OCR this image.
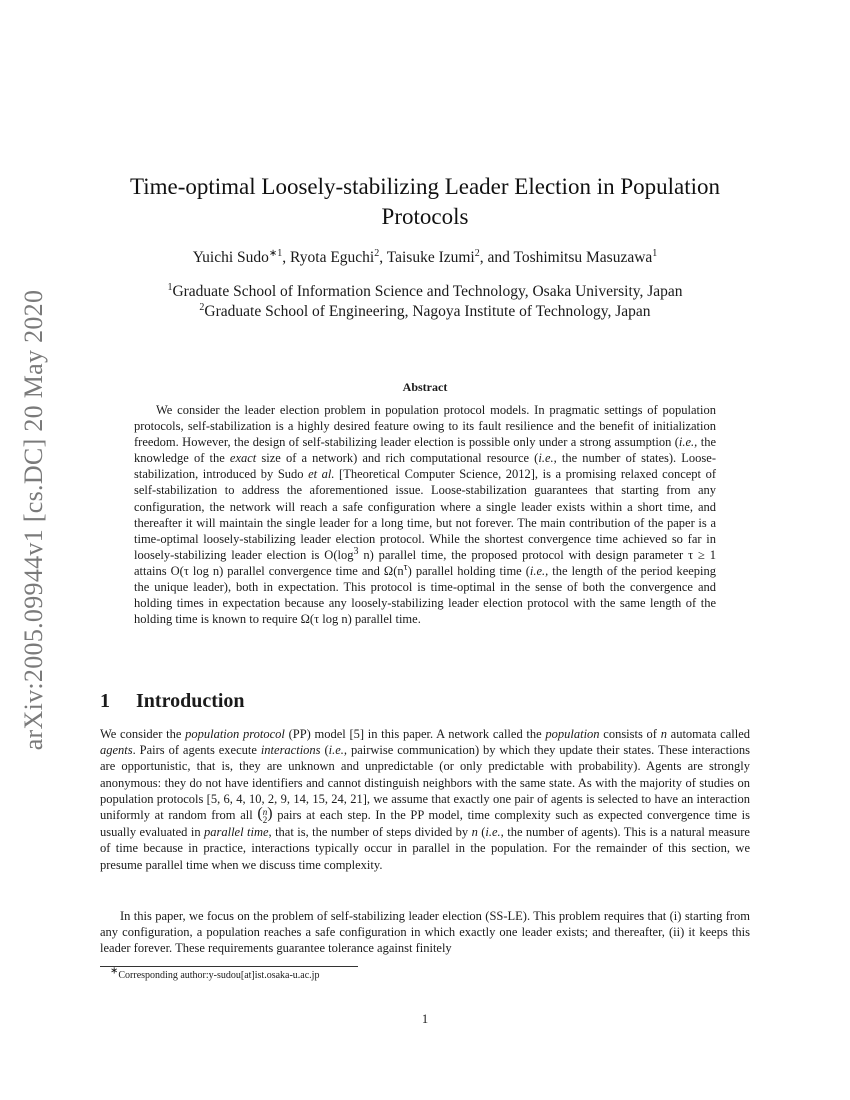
arXiv:2005.09944v1 [cs.DC] 20 May 2020
Time-optimal Loosely-stabilizing Leader Election in Population
Protocols
Yuichi Sudo$^{∗1}$, Ryota Eguchi$^2$, Taisuke Izumi$^2$, and Toshimitsu Masuzawa$^1$
$^1$Graduate School of Information Science and Technology, Osaka University, Japan
$^2$Graduate School of Engineering, Nagoya Institute of Technology, Japan
Abstract

We consider the leader election problem in population protocol models. In pragmatic settings of population protocols, self-stabilization is a highly desired feature owing to its fault resilience and the benefit of initialization freedom. However, the design of self-stabilizing leader election is possible only under a strong assumption (i.e., the knowledge of the exact size of a network) and rich computational resource (i.e., the number of states). Loose-stabilization, introduced by Sudo et al. [Theoretical Computer Science, 2012], is a promising relaxed concept of self-stabilization to address the aforementioned issue. Loose-stabilization guarantees that starting from any configuration, the network will reach a safe configuration where a single leader exists within a short time, and thereafter it will maintain the single leader for a long time, but not forever. The main contribution of the paper is a time-optimal loosely-stabilizing leader election protocol. While the shortest convergence time achieved so far in loosely-stabilizing leader election is $O(\log^3$ n) parallel time, the proposed protocol with design parameter τ ≥ 1 attains O(τ log n) parallel convergence time and $\Omega(n^\tau)$ parallel holding time (i.e., the length of the period keeping the unique leader), both in expectation. This protocol is time-optimal in the sense of both the convergence and holding times in expectation because any loosely-stabilizing leader election protocol with the same length of the holding time is known to require Ω(τ log n) parallel time.

1 Introduction

We consider the population protocol (PP) model [5] in this paper. A network called the population consists of n automata called agents. Pairs of agents execute interactions (i.e., pairwise communication) by which they update their states. These interactions are opportunistic, that is, they are unknown and unpredictable (or only predictable with probability). Agents are strongly anonymous: they do not have identifiers and cannot distinguish neighbors with the same state. As with the majority of studies on population protocols [5, 6, 4, 10, 2, 9, 14, 15, 24, 21], we assume that exactly one pair of agents is selected to have an interaction uniformly at random from all (n
2) pairs at each step. In the PP model, time complexity such as expected convergence time is usually evaluated in parallel time, that is, the number of steps divided by n (i.e., the number of agents). This is a natural measure of time because in practice, interactions typically occur in parallel in the population. For the remainder of this section, we presume parallel time when we discuss time complexity.

In this paper, we focus on the problem of self-stabilizing leader election (SS-LE). This problem requires that (i) starting from any configuration, a population reaches a safe configuration in which exactly one leader exists; and thereafter, (ii) it keeps this leader forever. These requirements guarantee tolerance against finitely

∗Corresponding author:y-sudou[at]ist.osaka-u.ac.jp
1
